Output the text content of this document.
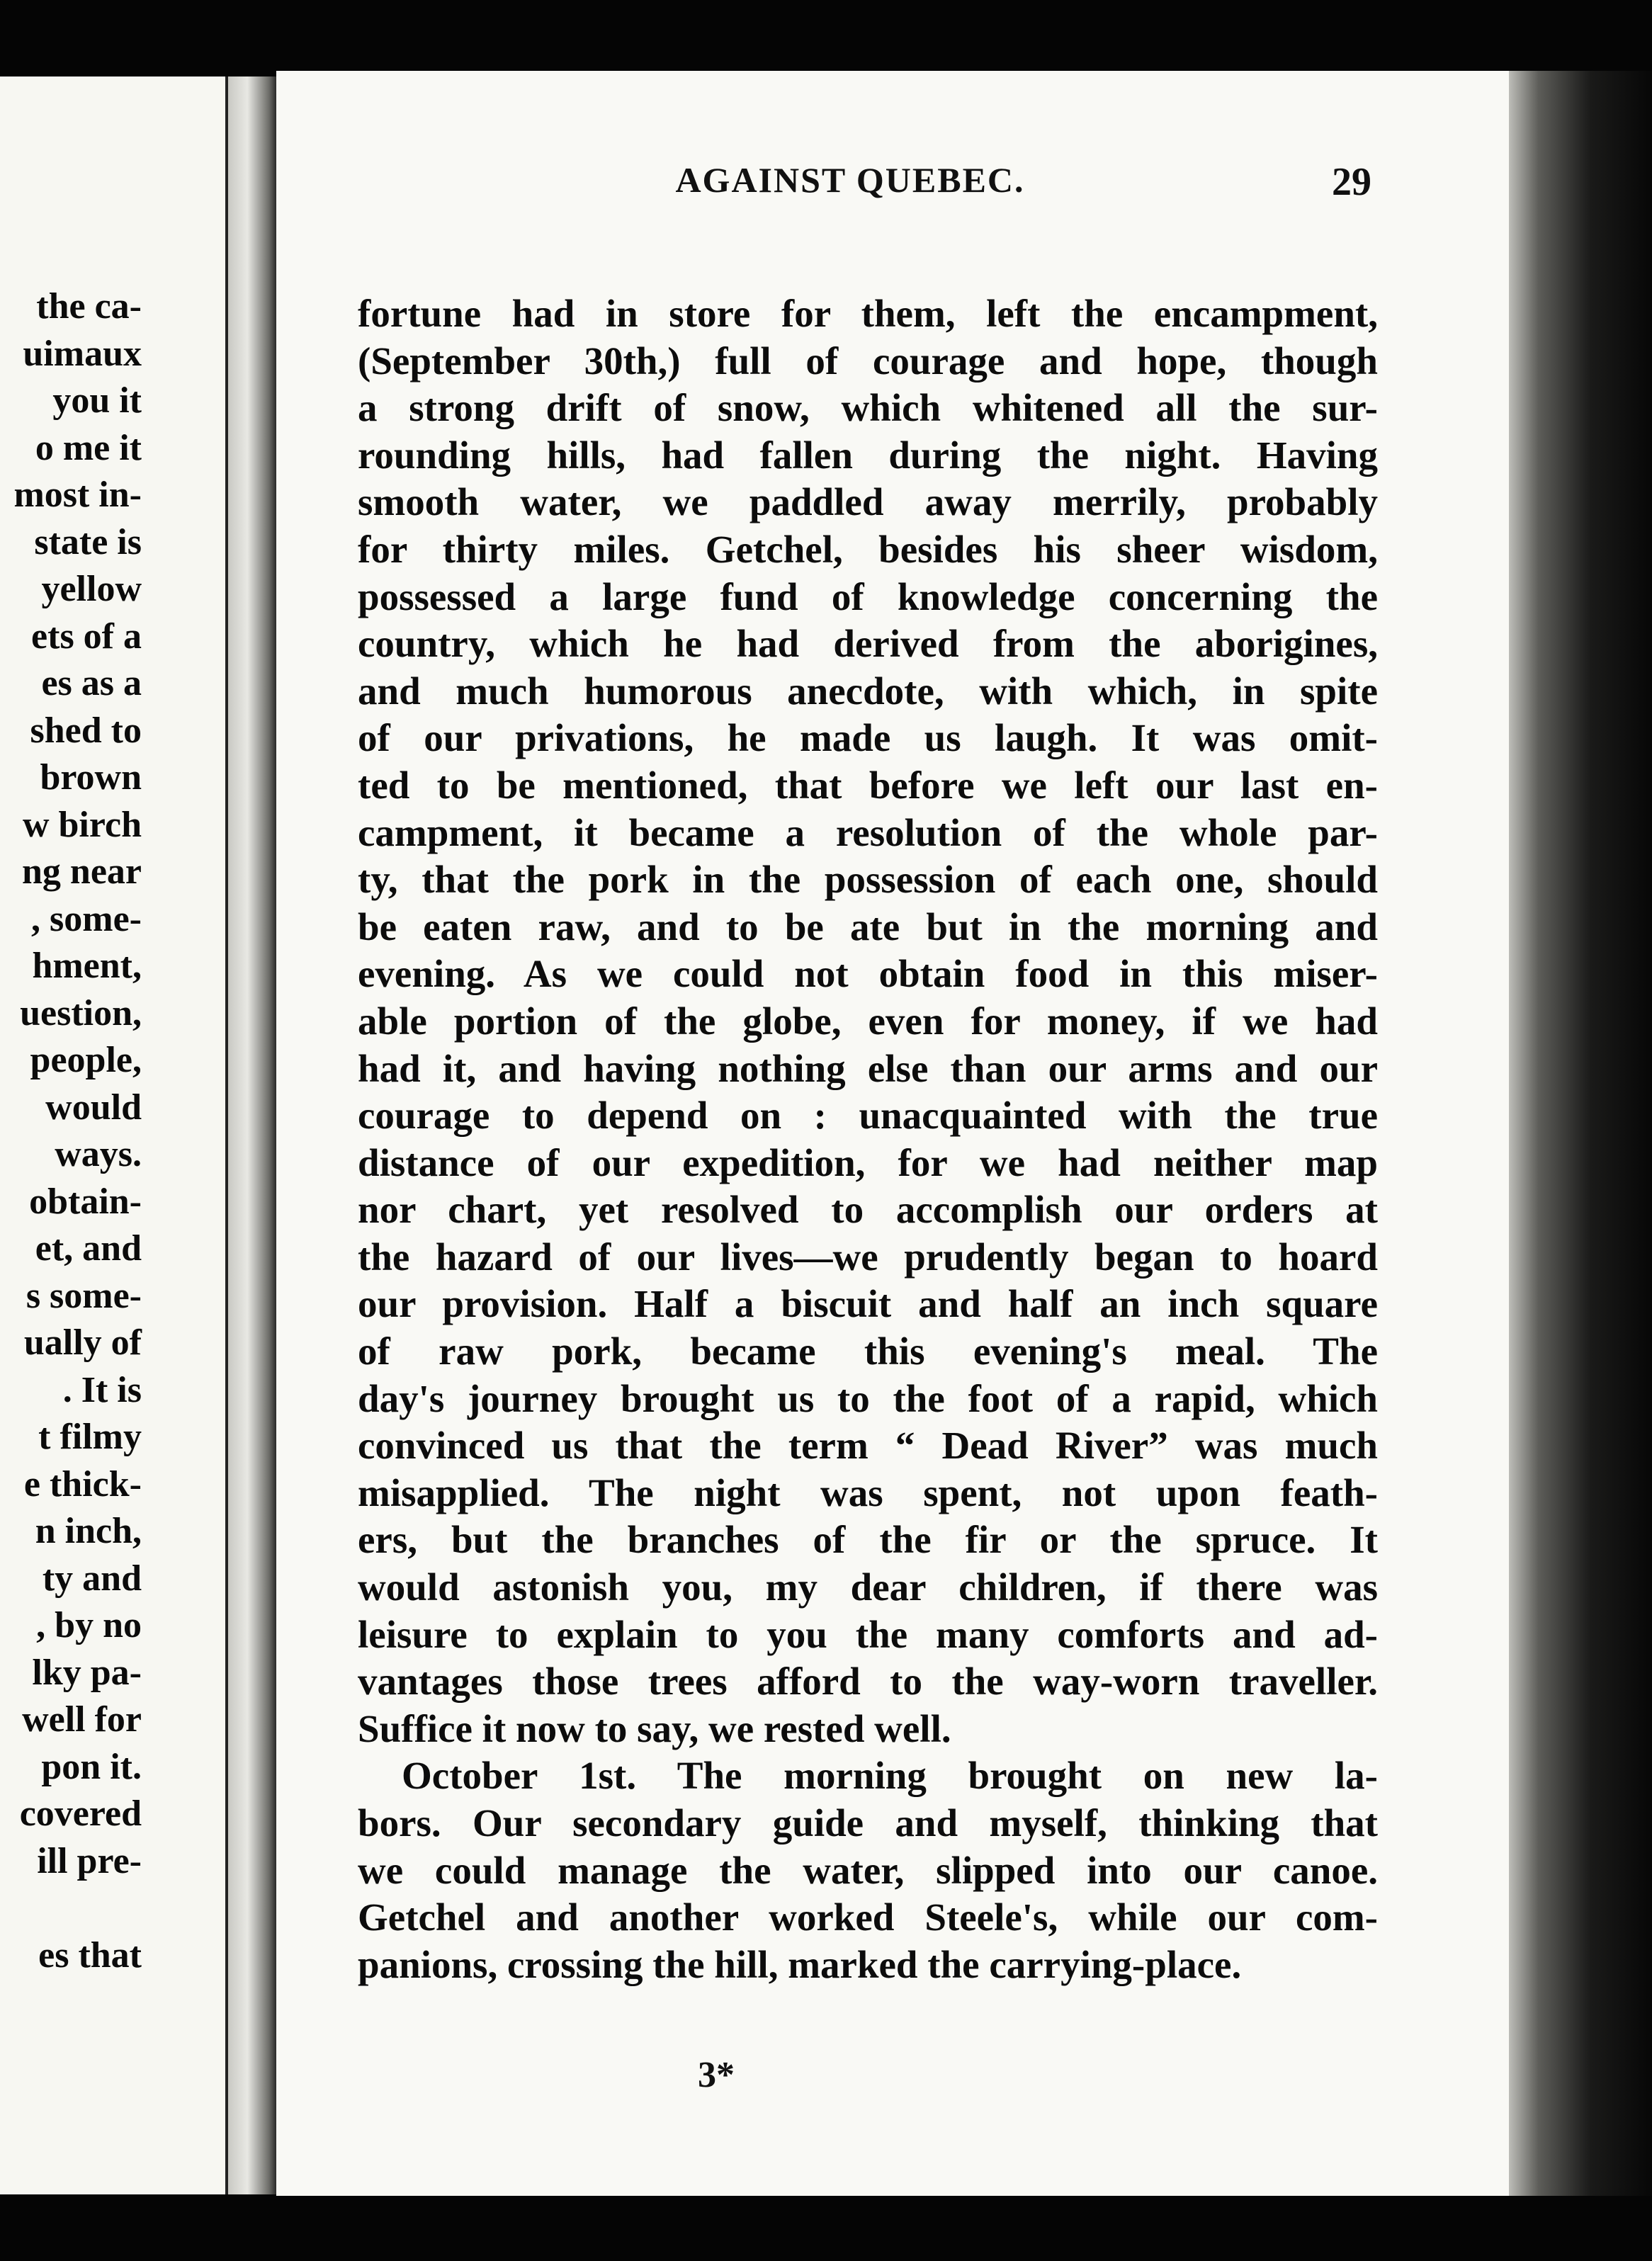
the ca-
uimaux
you it
o me it
most in-
state is
yellow
ets of a
es as a
shed to
brown
w birch
ng near
, some-
hment,
uestion,
people,
would
ways.
obtain-
et, and
s some-
ually of
. It is
t filmy
e thick-
n inch,
ty and
, by no
lky pa-
well for
pon it.
covered
ill pre-
es that
AGAINST QUEBEC.	29
fortune had in store for them, left the encampment,
(September 30th,) full of courage and hope, though
a strong drift of snow, which whitened all the sur-
rounding hills, had fallen during the night. Having
smooth water, we paddled away merrily, probably
for thirty miles. Getchel, besides his sheer wisdom,
possessed a large fund of knowledge concerning the
country, which he had derived from the aborigines,
and much humorous anecdote, with which, in spite
of our privations, he made us laugh. It was omit-
ted to be mentioned, that before we left our last en-
campment, it became a resolution of the whole par-
ty, that the pork in the possession of each one, should
be eaten raw, and to be ate but in the morning and
evening. As we could not obtain food in this miser-
able portion of the globe, even for money, if we had
had it, and having nothing else than our arms and our
courage to depend on : unacquainted with the true
distance of our expedition, for we had neither map
nor chart, yet resolved to accomplish our orders at
the hazard of our lives—we prudently began to hoard
our provision. Half a biscuit and half an inch square
of raw pork, became this evening's meal. The
day's journey brought us to the foot of a rapid, which
convinced us that the term “ Dead River” was much
misapplied. The night was spent, not upon feath-
ers, but the branches of the fir or the spruce. It
would astonish you, my dear children, if there was
leisure to explain to you the many comforts and ad-
vantages those trees afford to the way-worn traveller.
Suffice it now to say, we rested well.
October 1st. The morning brought on new la-
bors. Our secondary guide and myself, thinking that
we could manage the water, slipped into our canoe.
Getchel and another worked Steele's, while our com-
panions, crossing the hill, marked the carrying-place.
3*
